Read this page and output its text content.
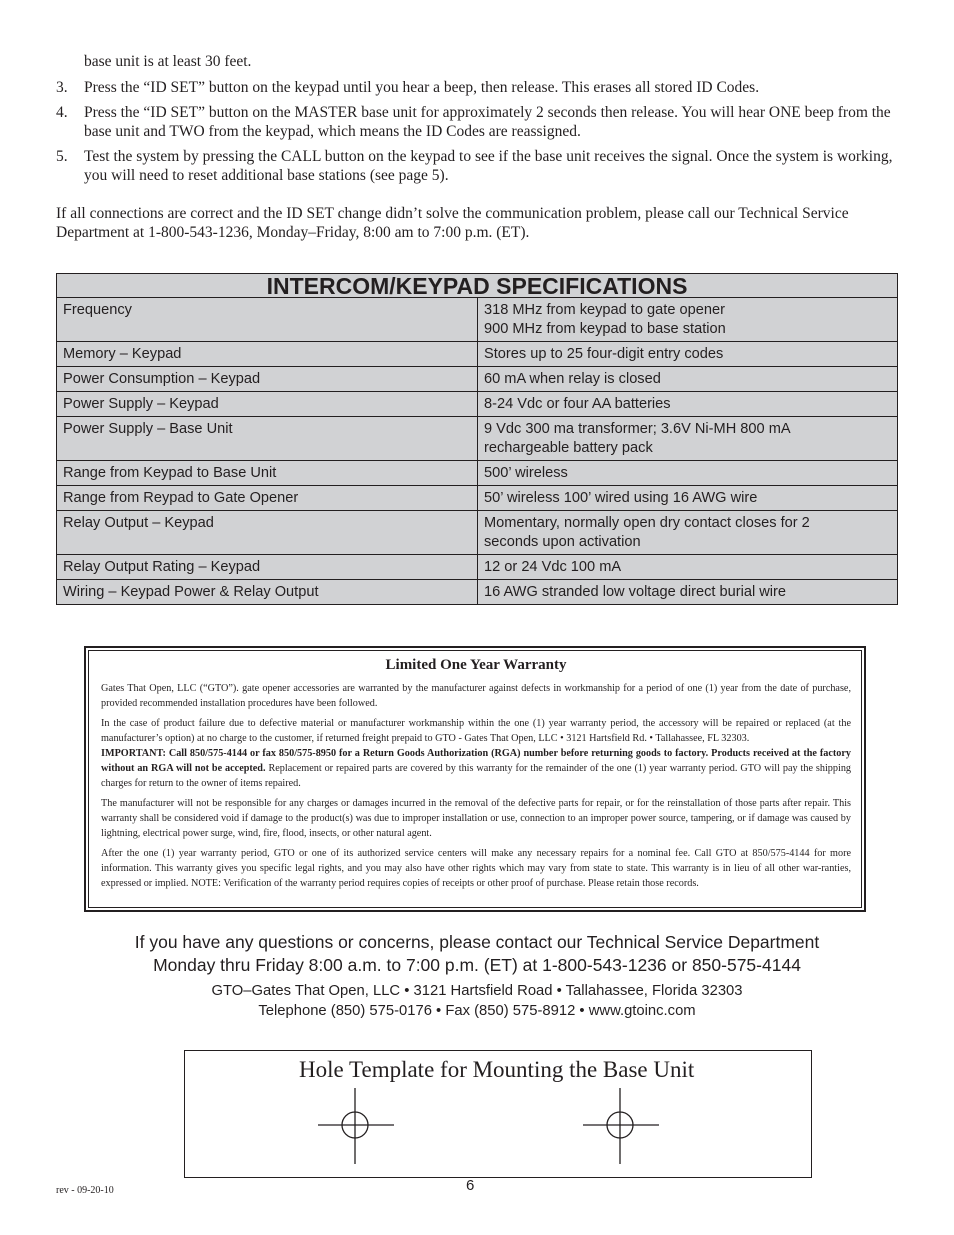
base unit is at least 30 feet.
3.	Press the “ID SET” button on the keypad until you hear a beep, then release. This erases all stored ID Codes.
4.	Press the “ID SET” button on the MASTER base unit for approximately 2 seconds then release. You will hear ONE beep from the base unit and TWO from the keypad, which means the ID Codes are reassigned.
5.	Test the system by pressing the CALL button on the keypad to see if the base unit receives the signal. Once the system is working, you will need to reset additional base stations (see page 5).
If all connections are correct and the ID SET change didn’t solve the communication problem, please call our Technical Service Department at 1-800-543-1236, Monday–Friday, 8:00 am to 7:00 p.m. (ET).
INTERCOM/KEYPAD SPECIFICATIONS	
Frequency	318 MHz from keypad to gate opener
900 MHz from keypad to base station
Memory – Keypad	Stores up to 25 four-digit entry codes
Power Consumption – Keypad	60 mA when relay is closed
Power Supply – Keypad	8-24 Vdc or four AA batteries
Power Supply – Base Unit	9 Vdc 300 ma transformer; 3.6V Ni-MH 800 mA
rechargeable battery pack
Range from Keypad to Base Unit	500’ wireless
Range from Reypad to Gate Opener	50’ wireless 100’ wired using 16 AWG wire
Relay Output – Keypad	Momentary, normally open dry contact closes for 2
seconds upon activation
Relay Output Rating – Keypad	12 or 24 Vdc 100 mA
Wiring – Keypad Power & Relay Output	16 AWG stranded low voltage direct burial wire
Limited One Year Warranty

Gates That Open, LLC (“GTO”). gate opener accessories are warranted by the manufacturer against defects in workmanship for a period of one (1) year from the date of purchase, provided recommended installation procedures have been followed.

In the case of product failure due to defective material or manufacturer workmanship within the one (1) year warranty period, the accessory will be repaired or replaced (at the manufacturer’s option) at no charge to the customer, if returned freight prepaid to GTO - Gates That Open, LLC • 3121 Hartsfield Rd. • Tallahassee, FL 32303.
IMPORTANT: Call 850/575-4144 or fax 850/575-8950 for a Return Goods Authorization (RGA) number before returning goods to factory. Products received at the factory without an RGA will not be accepted. Replacement or repaired parts are covered by this warranty for the remainder of the one (1) year warranty period. GTO will pay the shipping charges for return to the owner of items repaired.

The manufacturer will not be responsible for any charges or damages incurred in the removal of the defective parts for repair, or for the reinstallation of those parts after repair. This warranty shall be considered void if damage to the product(s) was due to improper installation or use, connection to an improper power source, tampering, or if damage was caused by lightning, electrical power surge, wind, fire, flood, insects, or other natural agent.

After the one (1) year warranty period, GTO or one of its authorized service centers will make any necessary repairs for a nominal fee. Call GTO at 850/575-4144 for more information. This warranty gives you specific legal rights, and you may also have other rights which may vary from state to state. This warranty is in lieu of all other war-ranties, expressed or implied. NOTE: Verification of the warranty period requires copies of receipts or other proof of purchase. Please retain those records.

If you have any questions or concerns, please contact our Technical Service Department
Monday thru Friday 8:00 a.m. to 7:00 p.m. (ET) at 1-800-543-1236 or 850-575-4144
GTO–Gates That Open, LLC • 3121 Hartsfield Road • Tallahassee, Florida 32303
Telephone (850) 575-0176 • Fax (850) 575-8912 • www.gtoinc.com
Hole Template for Mounting the Base Unit
rev - 09-20-10	6
